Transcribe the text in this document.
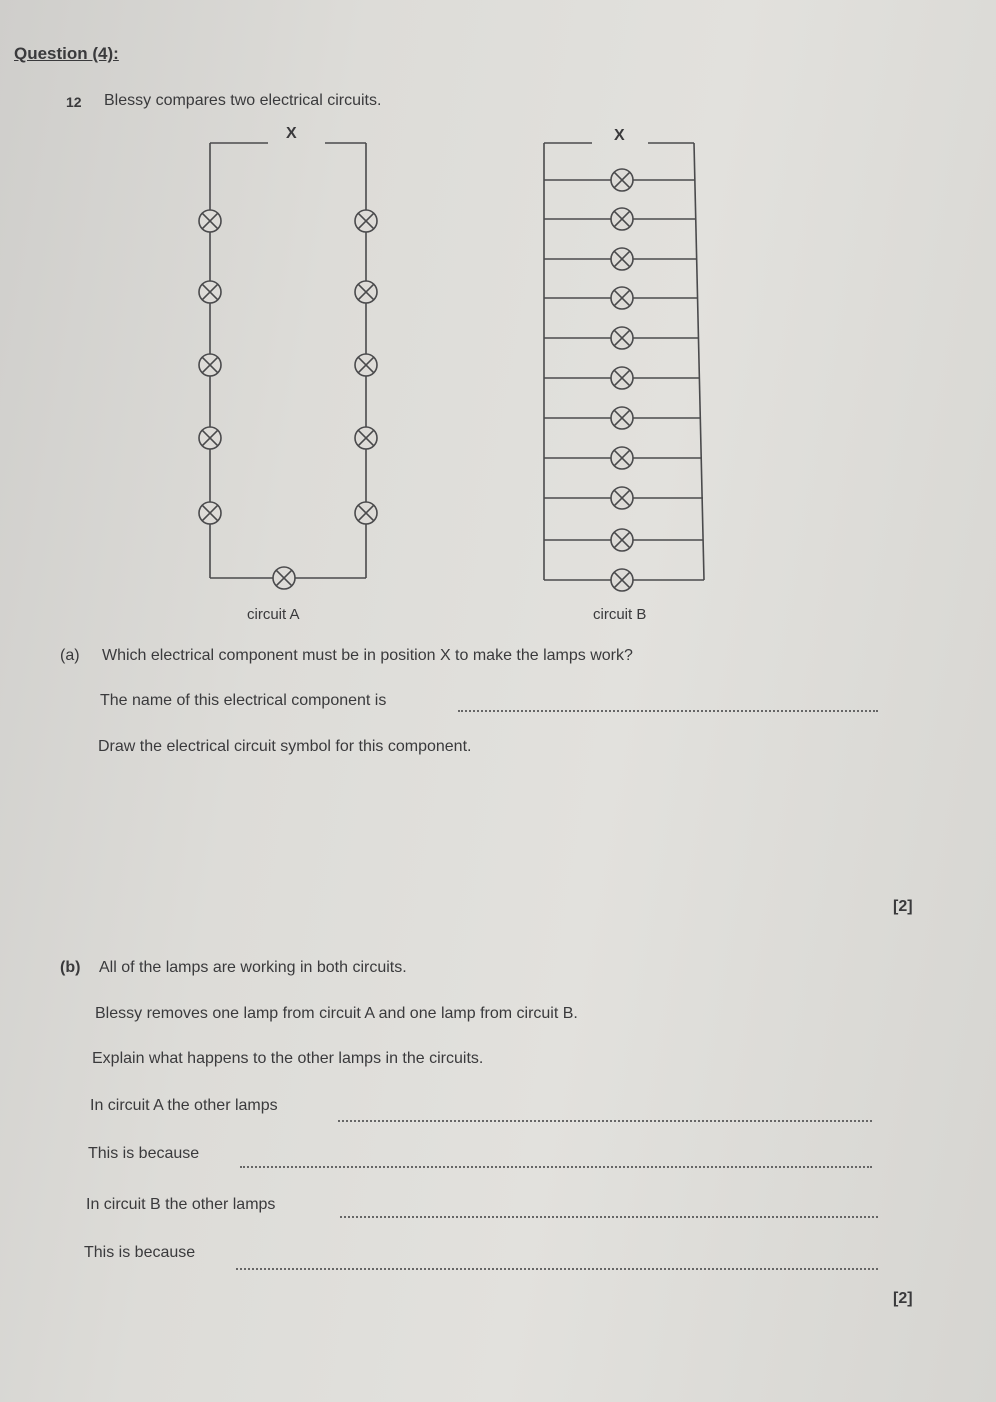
Question (4):
12 Blessy compares two electrical circuits.
X	X
circuit A	circuit B
(a) Which electrical component must be in position X to make the lamps work?
The name of this electrical component is
Draw the electrical circuit symbol for this component.
[2]
(b) All of the lamps are working in both circuits.
Blessy removes one lamp from circuit A and one lamp from circuit B.
Explain what happens to the other lamps in the circuits.
In circuit A the other lamps
This is because
In circuit B the other lamps
This is because
[2]
